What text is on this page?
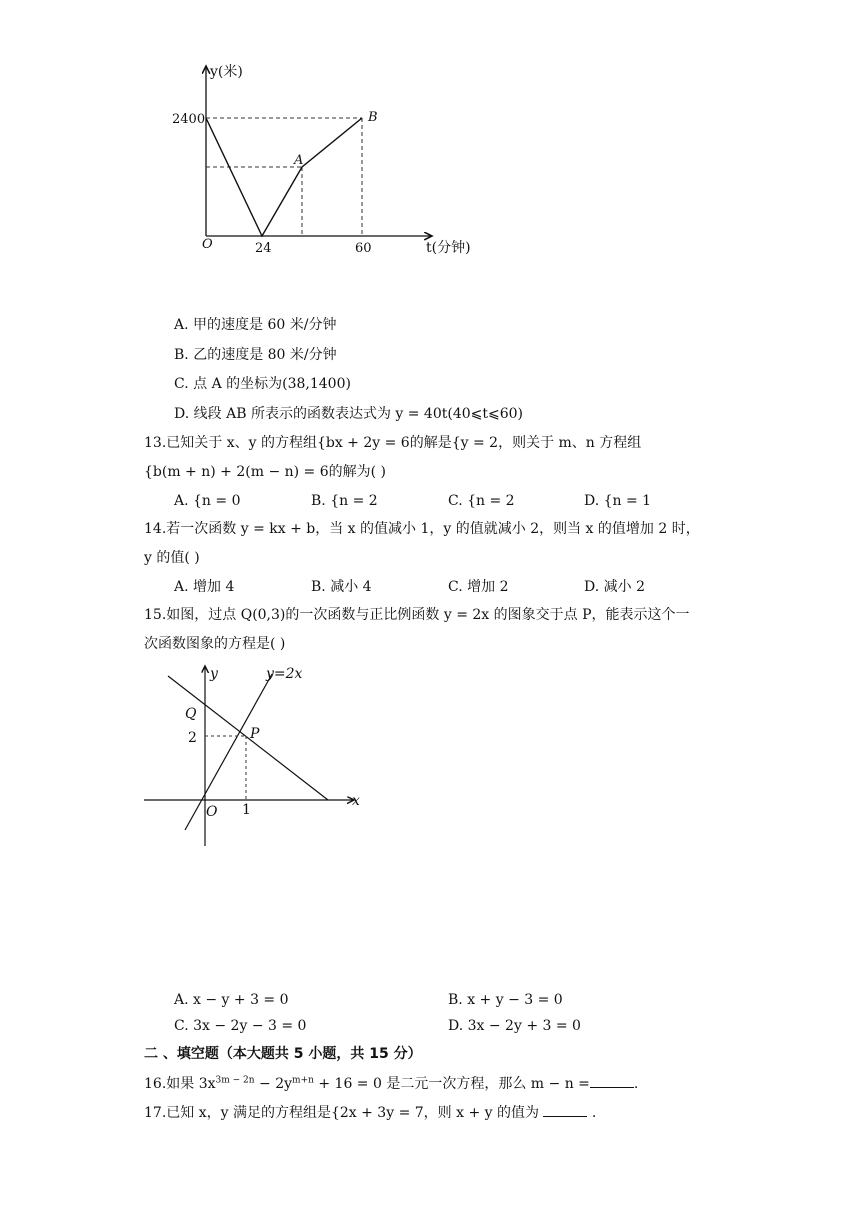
y(米)
2400
O	24	60	t(分钟)
A
B
A. 甲的速度是 60 米/分钟
B. 乙的速度是 80 米/分钟
C. 点 A 的坐标为(38,1400)
D. 线段 AB 所表示的函数表达式为 y = 40t(40⩽t⩽60)
13.已知关于 x、y 的方程组{bx + 2y = 6的解是{y = 2，则关于 m、n 方程组
{b(m + n) + 2(m − n) = 6的解为( )
A. {n = 0	B. {n = 2	C. {n = 2	D. {n = 1
14.若一次函数 y = kx + b，当 x 的值减小 1，y 的值就减小 2，则当 x 的值增加 2 时，
y 的值( )
A. 增加 4	B. 减小 4	C. 增加 2	D. 减小 2
15.如图，过点 Q(0,3)的一次函数与正比例函数 y = 2x 的图象交于点 P，能表示这个一
次函数图象的方程是( )
y	y=2x
Q
2	P
O 1
x
A. x − y + 3 = 0	B. x + y − 3 = 0
C. 3x − 2y − 3 = 0	D. 3x − 2y + 3 = 0
二 、填空题（本大题共 5 小题，共 15 分）
16.如果 $3x^{3m - 2n} - 2y^{m+n} + 16 = 0$ 是二元一次方程，那么 m − n =	.
17.已知 x，y 满足的方程组是{2x + 3y = 7，则 x + y 的值为	.
